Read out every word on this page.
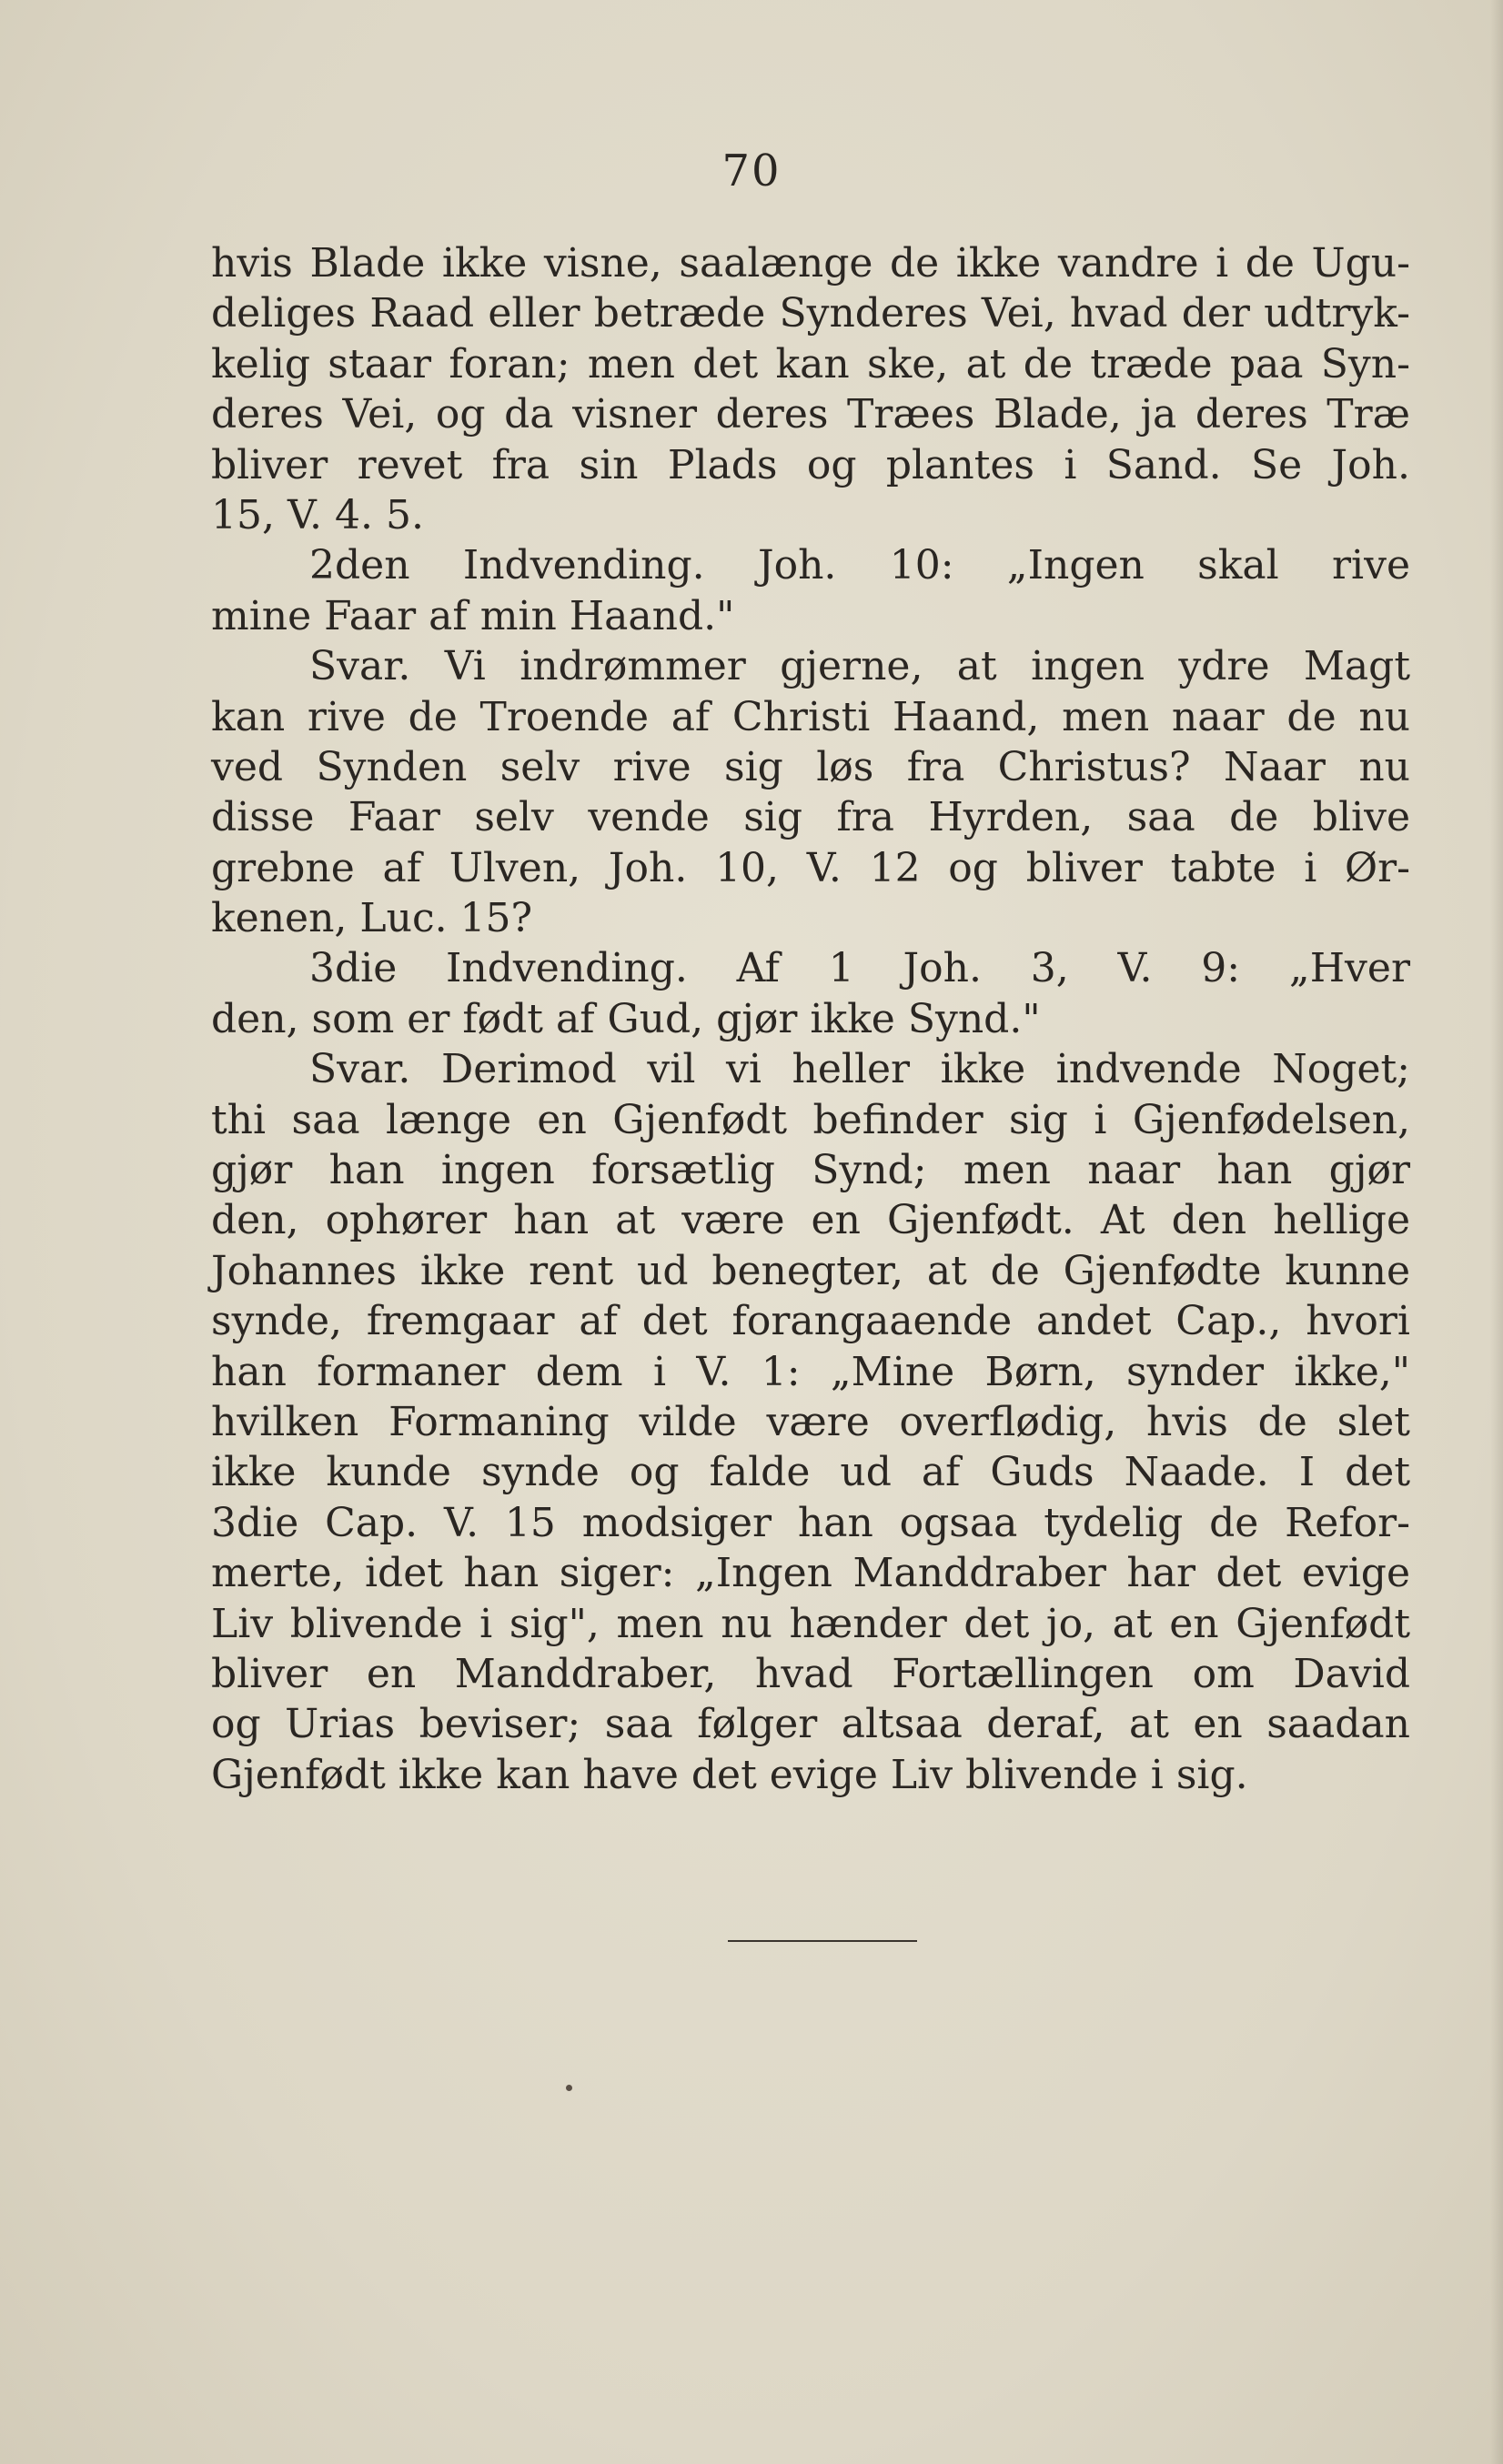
70
hvis Blade ikke visne, saalænge de ikke vandre i de Ugu-
deliges Raad eller betræde Synderes Vei, hvad der udtryk-
kelig staar foran; men det kan ske, at de træde paa Syn-
deres Vei, og da visner deres Træes Blade, ja deres Træ
bliver revet fra sin Plads og plantes i Sand. Se Joh.
15, V. 4. 5.
2den Indvending. Joh. 10: „Ingen skal rive
mine Faar af min Haand."
Svar. Vi indrømmer gjerne, at ingen ydre Magt
kan rive de Troende af Christi Haand, men naar de nu
ved Synden selv rive sig løs fra Christus? Naar nu
disse Faar selv vende sig fra Hyrden, saa de blive
grebne af Ulven, Joh. 10, V. 12 og bliver tabte i Ør-
kenen, Luc. 15?
3die Indvending. Af 1 Joh. 3, V. 9: „Hver
den, som er født af Gud, gjør ikke Synd."
Svar. Derimod vil vi heller ikke indvende Noget;
thi saa længe en Gjenfødt befinder sig i Gjenfødelsen,
gjør han ingen forsætlig Synd; men naar han gjør
den, ophører han at være en Gjenfødt. At den hellige
Johannes ikke rent ud benegter, at de Gjenfødte kunne
synde, fremgaar af det forangaaende andet Cap., hvori
han formaner dem i V. 1: „Mine Børn, synder ikke,"
hvilken Formaning vilde være overflødig, hvis de slet
ikke kunde synde og falde ud af Guds Naade. I det
3die Cap. V. 15 modsiger han ogsaa tydelig de Refor-
merte, idet han siger: „Ingen Manddraber har det evige
Liv blivende i sig", men nu hænder det jo, at en Gjenfødt
bliver en Manddraber, hvad Fortællingen om David
og Urias beviser; saa følger altsaa deraf, at en saadan
Gjenfødt ikke kan have det evige Liv blivende i sig.
